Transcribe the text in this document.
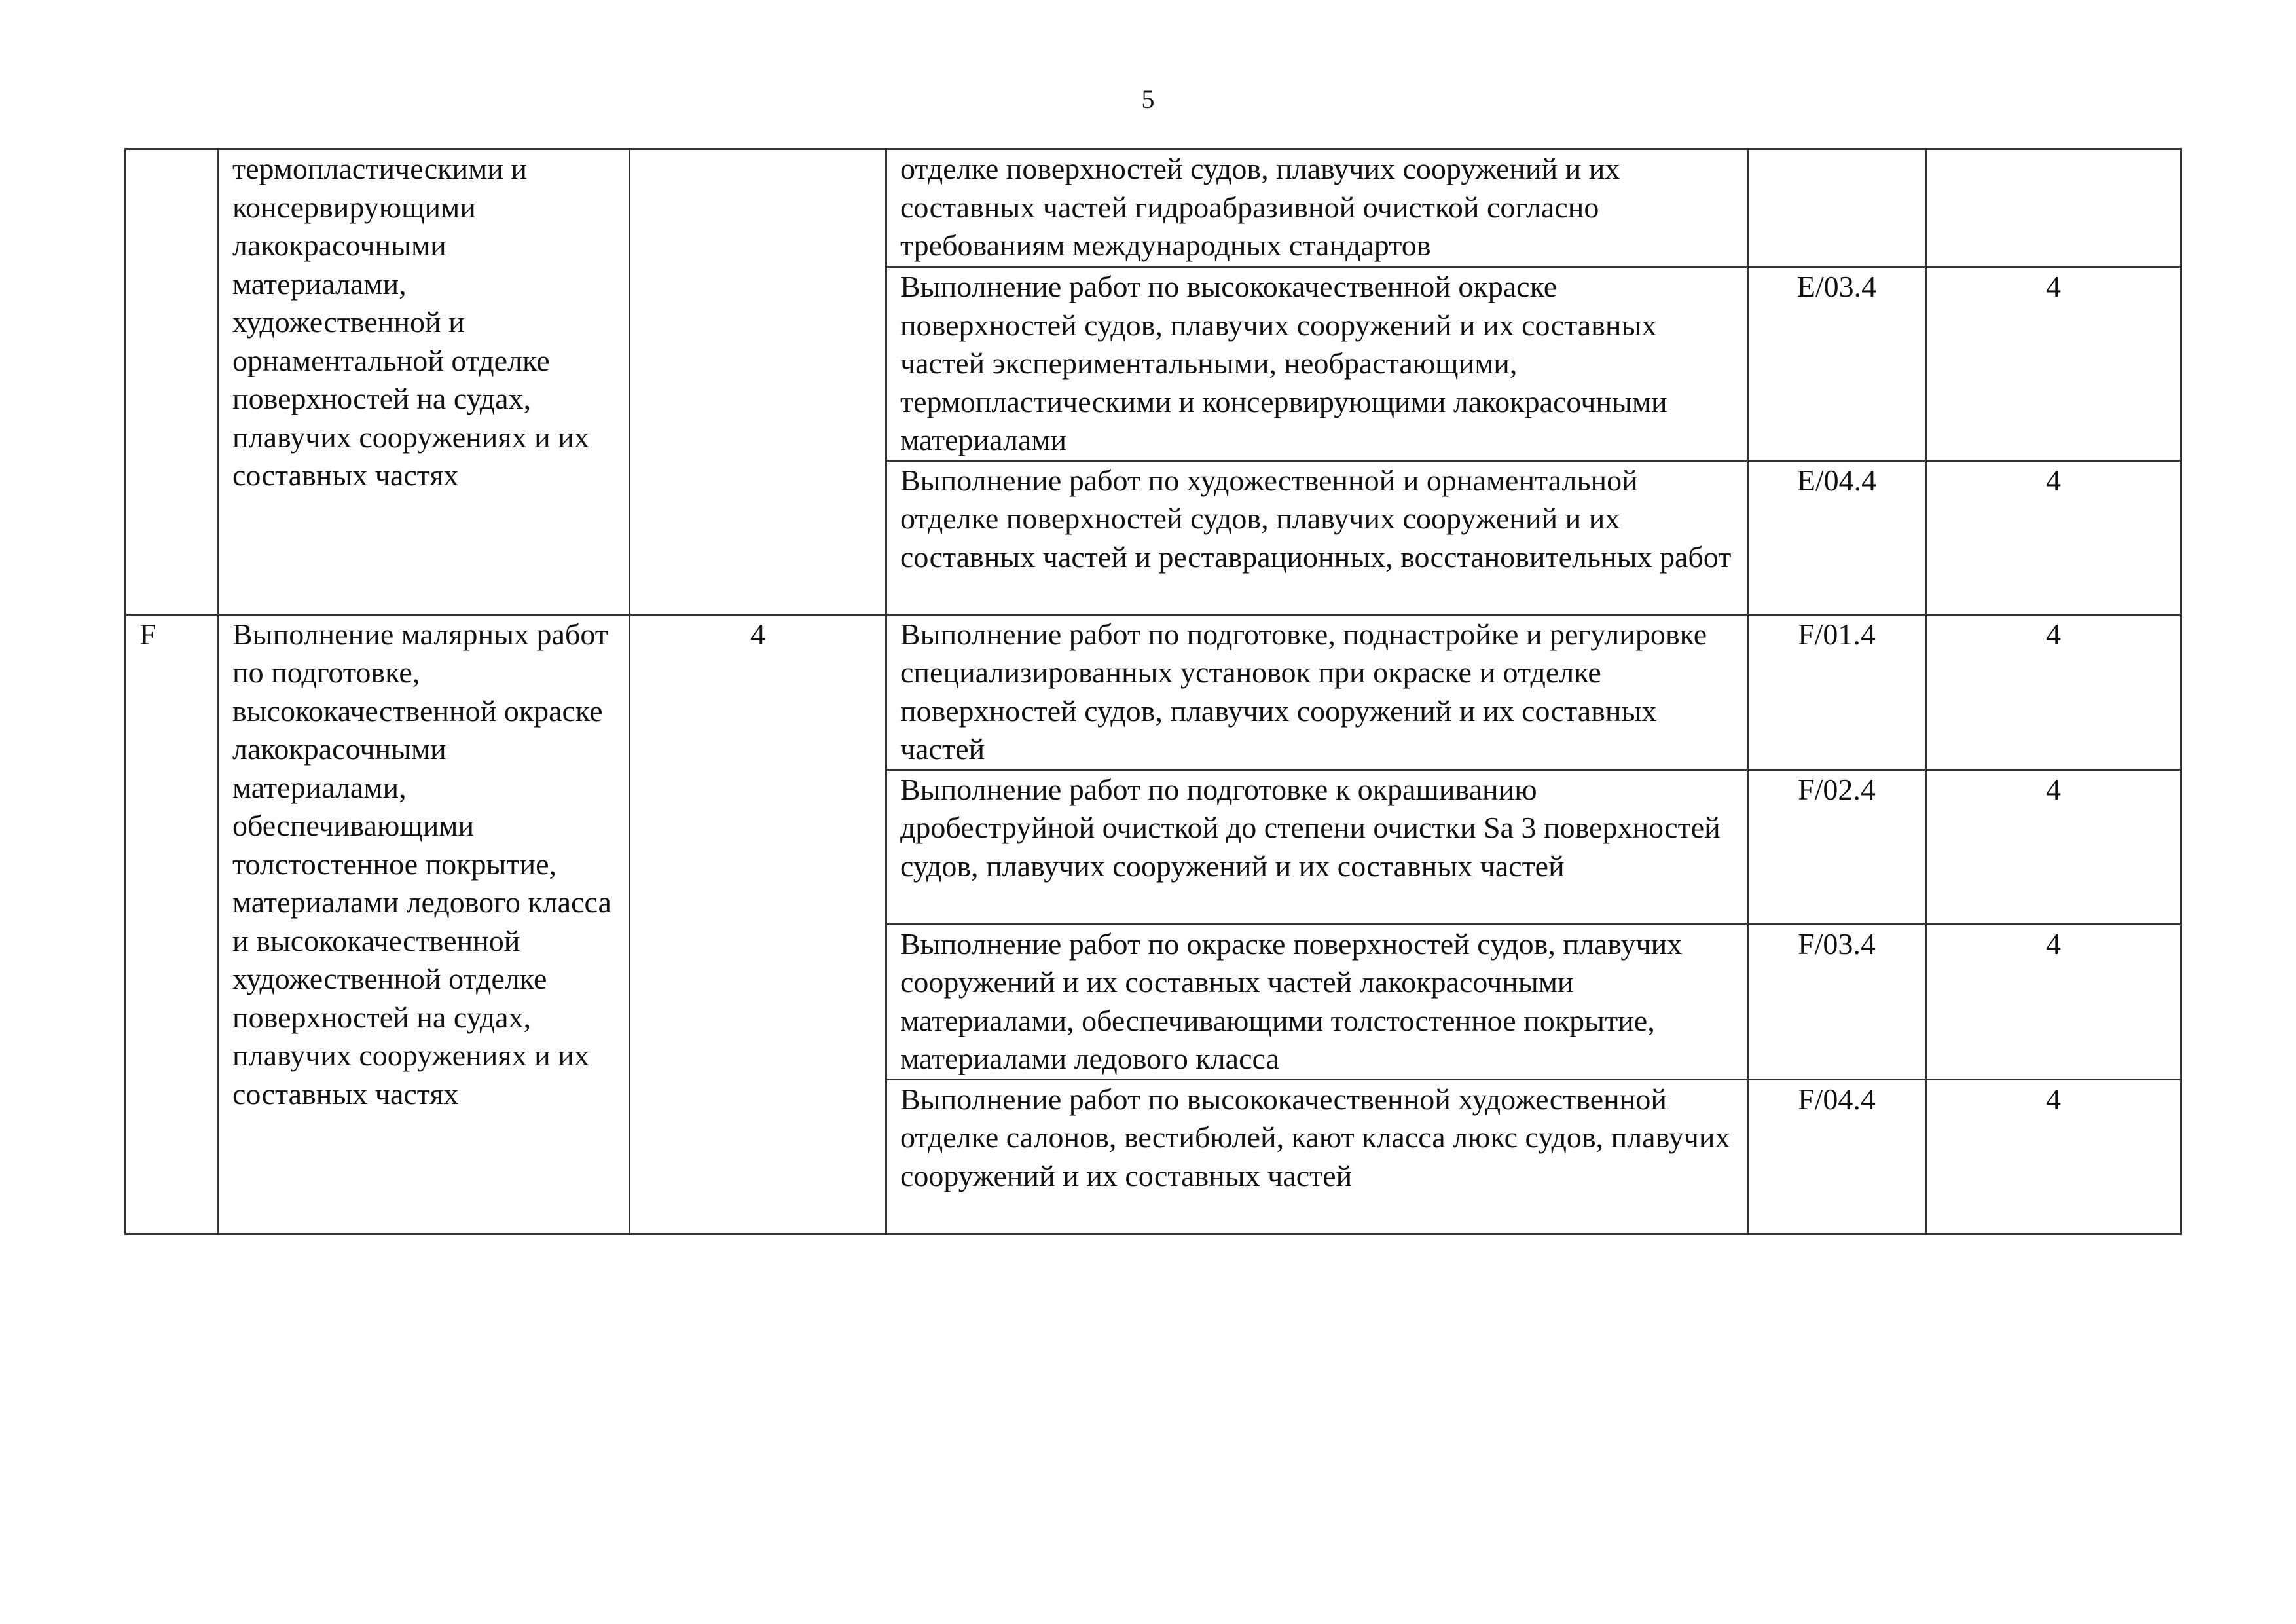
5
	термопластическими и консервирующими лакокрасочными материалами, художественной и орнаментальной отделке поверхностей на судах, плавучих сооружениях и их составных частях		отделке поверхностей судов, плавучих сооружений и их составных частей гидроабразивной очисткой согласно требованиям международных стандартов		
			Выполнение работ по высококачественной окраске поверхностей судов, плавучих сооружений и их составных частей экспериментальными, необрастающими, термопластическими и консервирующими лакокрасочными материалами	E/03.4	4
			Выполнение работ по художественной и орнаментальной отделке поверхностей судов, плавучих сооружений и их составных частей и реставрационных, восстановительных работ	E/04.4	4
F	Выполнение малярных работ по подготовке, высококачественной окраске лакокрасочными материалами, обеспечивающими толстостенное покрытие, материалами ледового класса и высококачественной художественной отделке поверхностей на судах, плавучих сооружениях и их составных частях	4	Выполнение работ по подготовке, поднастройке и регулировке специализированных установок при окраске и отделке поверхностей судов, плавучих сооружений и их составных частей	F/01.4	4
			Выполнение работ по подготовке к окрашиванию дробеструйной очисткой до степени очистки Sa 3 поверхностей судов, плавучих сооружений и их составных частей	F/02.4	4
			Выполнение работ по окраске поверхностей судов, плавучих сооружений и их составных частей лакокрасочными материалами, обеспечивающими толстостенное покрытие, материалами ледового класса	F/03.4	4
			Выполнение работ по высококачественной художественной отделке салонов, вестибюлей, кают класса люкс судов, плавучих сооружений и их составных частей	F/04.4	4
